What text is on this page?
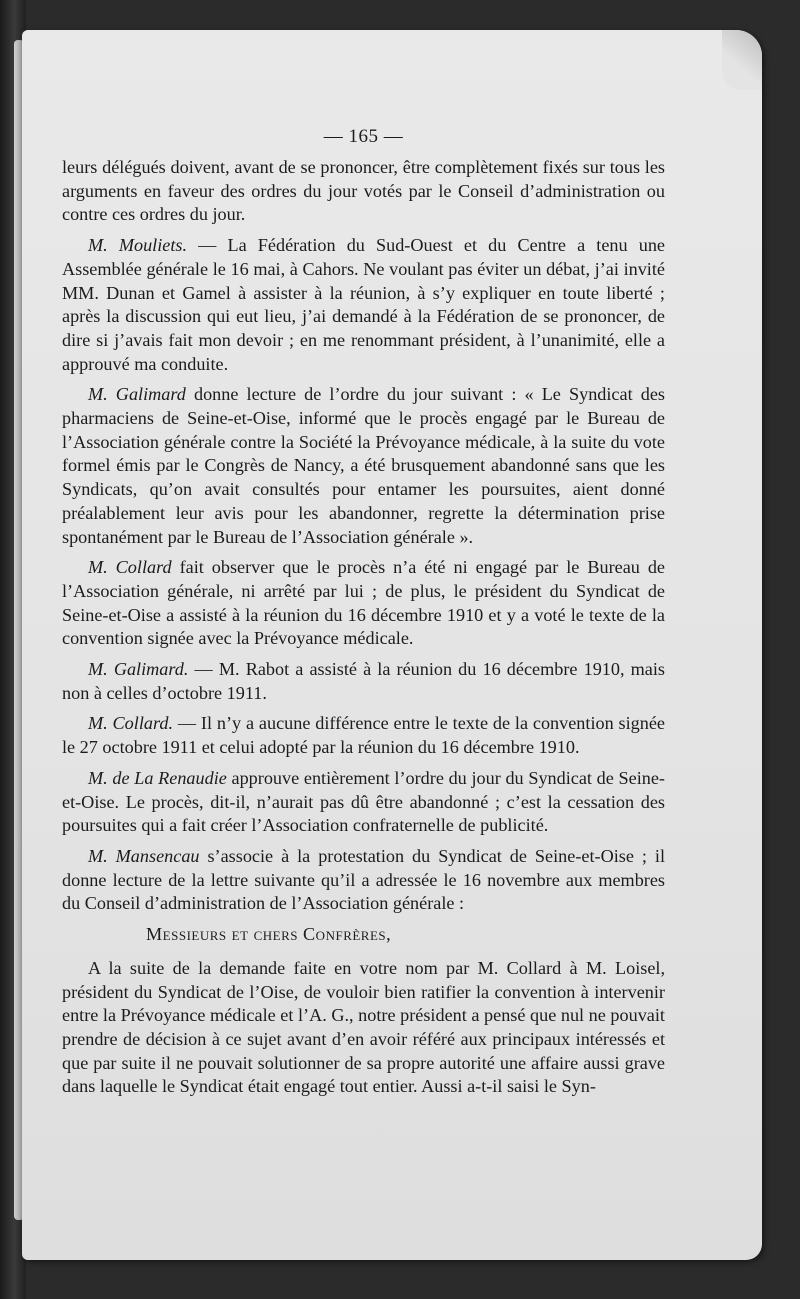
— 165 —

leurs délégués doivent, avant de se prononcer, être complètement fixés sur tous les arguments en faveur des ordres du jour votés par le Conseil d’administration ou contre ces ordres du jour.

M. Mouliets. — La Fédération du Sud-Ouest et du Centre a tenu une Assemblée générale le 16 mai, à Cahors. Ne voulant pas éviter un débat, j’ai invité MM. Dunan et Gamel à assister à la réunion, à s’y expliquer en toute liberté ; après la discussion qui eut lieu, j’ai demandé à la Fédération de se prononcer, de dire si j’avais fait mon devoir ; en me renommant président, à l’unanimité, elle a approuvé ma conduite.

M. Galimard donne lecture de l’ordre du jour suivant : « Le Syndicat des pharmaciens de Seine-et-Oise, informé que le procès engagé par le Bureau de l’Association générale contre la Société la Prévoyance médicale, à la suite du vote formel émis par le Congrès de Nancy, a été brusquement abandonné sans que les Syndicats, qu’on avait consultés pour entamer les poursuites, aient donné préalablement leur avis pour les abandonner, regrette la détermination prise spontanément par le Bureau de l’Association générale ».

M. Collard fait observer que le procès n’a été ni engagé par le Bureau de l’Association générale, ni arrêté par lui ; de plus, le président du Syndicat de Seine-et-Oise a assisté à la réunion du 16 décembre 1910 et y a voté le texte de la convention signée avec la Prévoyance médicale.

M. Galimard. — M. Rabot a assisté à la réunion du 16 décembre 1910, mais non à celles d’octobre 1911.

M. Collard. — Il n’y a aucune différence entre le texte de la convention signée le 27 octobre 1911 et celui adopté par la réunion du 16 décembre 1910.

M. de La Renaudie approuve entièrement l’ordre du jour du Syndicat de Seine-et-Oise. Le procès, dit-il, n’aurait pas dû être abandonné ; c’est la cessation des poursuites qui a fait créer l’Association confraternelle de publicité.

M. Mansencau s’associe à la protestation du Syndicat de Seine-et-Oise ; il donne lecture de la lettre suivante qu’il a adressée le 16 novembre aux membres du Conseil d’administration de l’Association générale :

Messieurs et chers Confrères,

A la suite de la demande faite en votre nom par M. Collard à M. Loisel, président du Syndicat de l’Oise, de vouloir bien ratifier la convention à intervenir entre la Prévoyance médicale et l’A. G., notre président a pensé que nul ne pouvait prendre de décision à ce sujet avant d’en avoir référé aux principaux intéressés et que par suite il ne pouvait solutionner de sa propre autorité une affaire aussi grave dans laquelle le Syndicat était engagé tout entier. Aussi a-t-il saisi le Syn-
